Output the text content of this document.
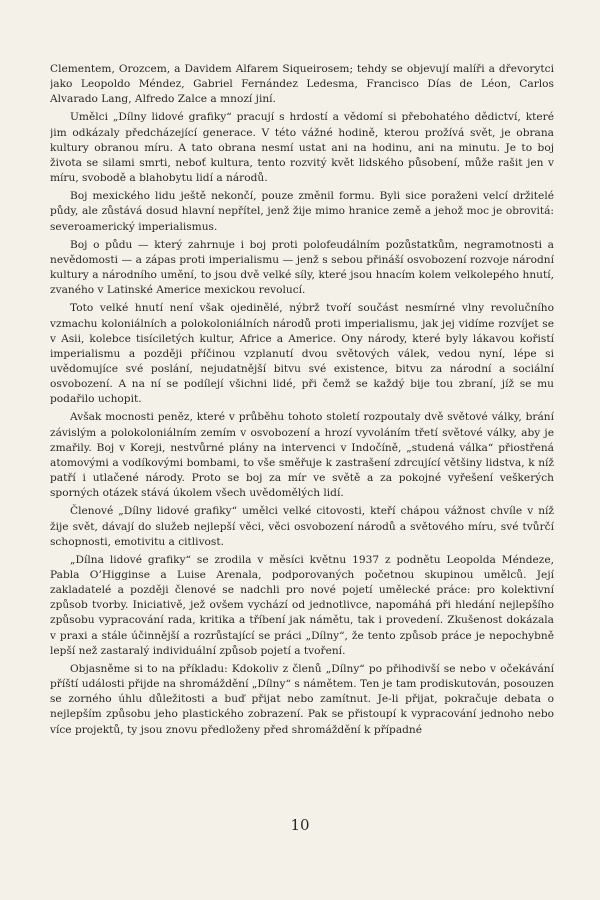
Clementem, Orozcem, a Davidem Alfarem Siqueirosem; tehdy se objevují malíři a dřevorytci jako Leopoldo Méndez, Gabriel Fernández Ledesma, Francisco Días de Léon, Carlos Alvarado Lang, Alfredo Zalce a mnozí jiní.

Umělci „Dílny lidové grafiky“ pracují s hrdostí a vědomí si přebohatého dědictví, které jim odkázaly předcházející generace. V této vážné hodině, kterou prožívá svět, je obrana kultury obranou míru. A tato obrana nesmí ustat ani na hodinu, ani na minutu. Je to boj života se silami smrti, neboť kultura, tento rozvitý květ lidského působení, může rašit jen v míru, svobodě a blahobytu lidí a národů.

Boj mexického lidu ještě nekončí, pouze změnil formu. Byli sice poraženi velcí držitelé půdy, ale zůstává dosud hlavní nepřítel, jenž žije mimo hranice země a jehož moc je obrovitá: severoamerický imperialismus.

Boj o půdu — který zahrnuje i boj proti polofeudálním pozůstatkům, negramotnosti a nevědomosti — a zápas proti imperialismu — jenž s sebou přináší osvobození rozvoje národní kultury a národního umění, to jsou dvě velké síly, které jsou hnacím kolem velkolepého hnutí, zvaného v Latinské Americe mexickou revolucí.

Toto velké hnutí není však ojedinělé, nýbrž tvoří součást nesmírné vlny revolučního vzmachu koloniálních a polokoloniálních národů proti imperialismu, jak jej vidíme rozvíjet se v Asii, kolebce tisíciletých kultur, Africe a Americe. Ony národy, které byly lákavou kořistí imperialismu a později příčinou vzplanutí dvou světových válek, vedou nyní, lépe si uvědomujíce své poslání, nejudatnější bitvu své existence, bitvu za národní a sociální osvobození. A na ní se podílejí všichni lidé, při čemž se každý bije tou zbraní, jíž se mu podařilo uchopit.

Avšak mocnosti peněz, které v průběhu tohoto století rozpoutaly dvě světové války, brání závislým a polokoloniálním zemím v osvobození a hrozí vyvoláním třetí světové války, aby je zmařily. Boj v Koreji, nestvůrné plány na intervenci v Indočíně, „studená válka“ přiostřená atomovými a vodíkovými bombami, to vše směřuje k zastrašení zdrcující většiny lidstva, k níž patří i utlačené národy. Proto se boj za mír ve světě a za pokojné vyřešení veškerých sporných otázek stává úkolem všech uvědomělých lidí.

Členové „Dílny lidové grafiky“ umělci velké citovosti, kteří chápou vážnost chvíle v níž žije svět, dávají do služeb nejlepší věci, věci osvobození národů a světového míru, své tvůrčí schopnosti, emotivitu a citlivost.

„Dílna lidové grafiky“ se zrodila v měsíci květnu 1937 z podnětu Leopolda Méndeze, Pabla O’Higginse a Luise Arenala, podporovaných početnou skupinou umělců. Její zakladatelé a později členové se nadchli pro nové pojetí umělecké práce: pro kolektivní způsob tvorby. Iniciativě, jež ovšem vychází od jednotlivce, napomáhá při hledání nejlepšího způsobu vypracování rada, kritika a tříbení jak námětu, tak i provedení. Zkušenost dokázala v praxi a stále účinnější a rozrůstající se práci „Dílny“, že tento způsob práce je nepochybně lepší než zastaralý individuální způsob pojetí a tvoření.

Objasněme si to na příkladu: Kdokoliv z členů „Dílny“ po přihodivší se nebo v očekávání příští události přijde na shromáždění „Dílny“ s námětem. Ten je tam prodiskutován, posouzen se zorného úhlu důležitosti a buď přijat nebo zamítnut. Je-li přijat, pokračuje debata o nejlepším způsobu jeho plastického zobrazení. Pak se přistoupí k vypracování jednoho nebo více projektů, ty jsou znovu předloženy před shromáždění k případné

10
